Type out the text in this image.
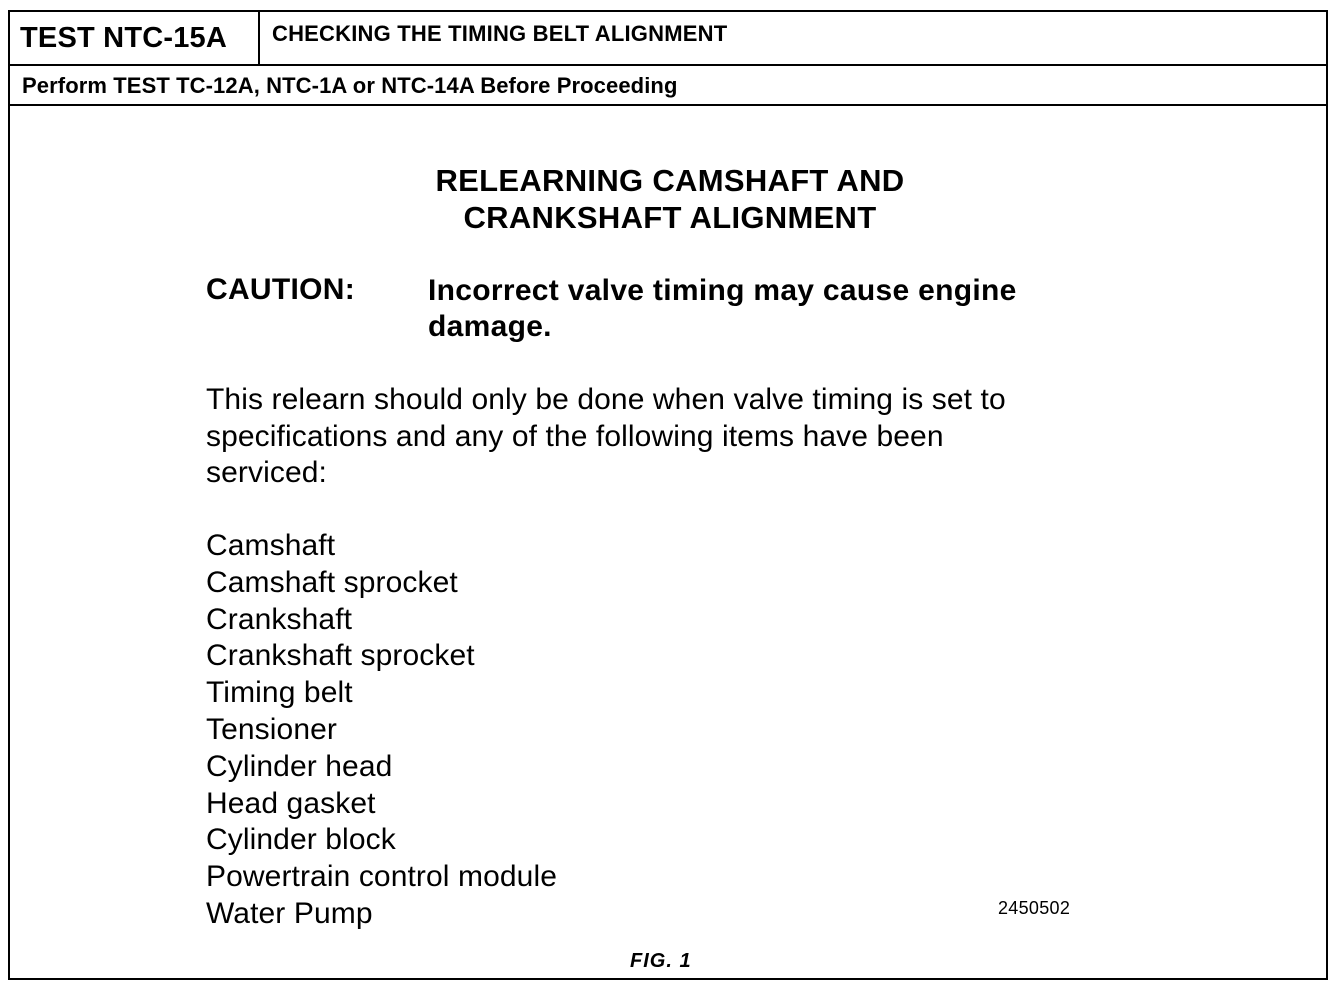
TEST NTC-15A	CHECKING THE TIMING BELT ALIGNMENT
Perform TEST TC-12A, NTC-1A or NTC-14A Before Proceeding
RELEARNING CAMSHAFT AND
CRANKSHAFT ALIGNMENT
CAUTION: Incorrect valve timing may cause engine
damage.
This relearn should only be done when valve timing is set to
specifications and any of the following items have been
serviced:
Camshaft
Camshaft sprocket
Crankshaft
Crankshaft sprocket
Timing belt
Tensioner
Cylinder head
Head gasket
Cylinder block
Powertrain control module
Water Pump	2450502
FIG. 1
